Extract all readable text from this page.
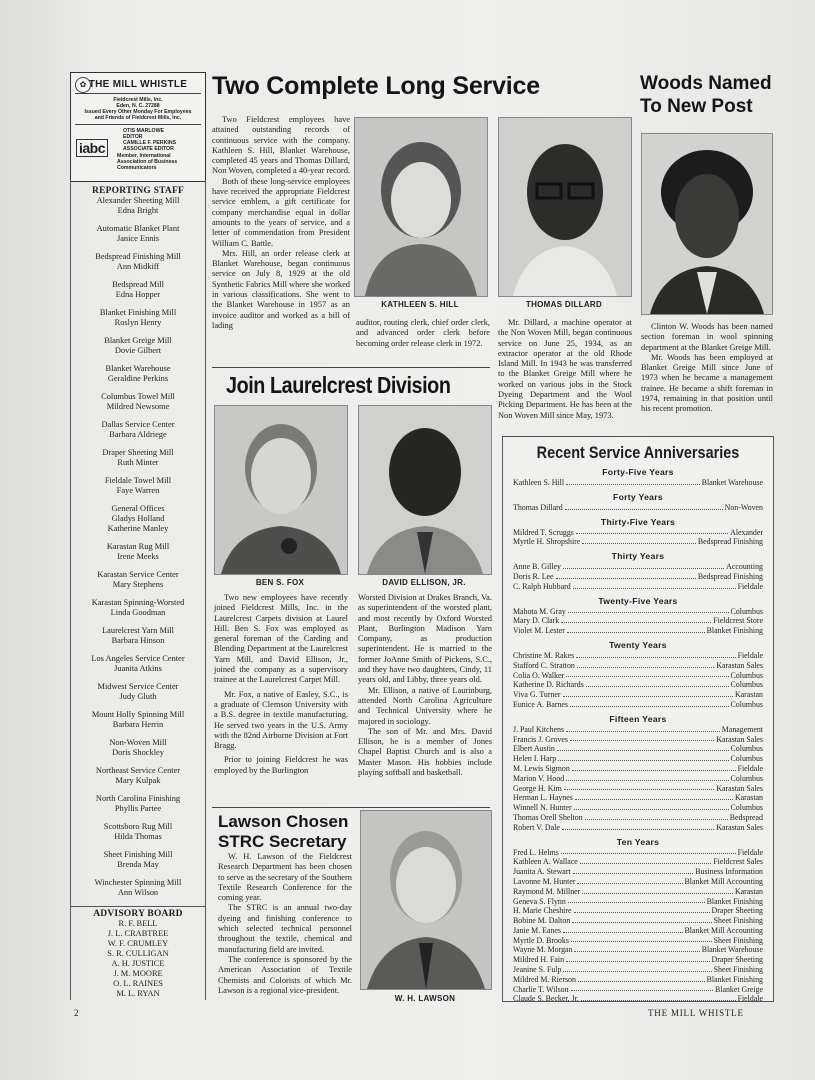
✿ THE MILL WHISTLE
Fieldcrest Mills, Inc.
Eden, N. C. 27288
Issued Every Other Monday For Employees
and Friends of Fieldcrest Mills, Inc.
OTIS MARLOWE
EDITOR
CAMILLE F. PERKINS
ASSOCIATE EDITOR
iabc	Member, International Association of Business Communicators
REPORTING STAFF
Alexander Sheeting Mill
Edna Bright
Automatic Blanket Plant
Janice Ennis
Bedspread Finishing Mill
Ann Midkiff
Bedspread Mill
Edna Hopper
Blanket Finishing Mill
Roslyn Henry
Blanket Greige Mill
Dovie Gilbert
Blanket Warehouse
Geraldine Perkins
Columbus Towel Mill
Mildred Newsome
Dallas Service Center
Barbara Aldriege
Draper Sheeting Mill
Ruth Minter
Fieldale Towel Mill
Faye Warren
General Offices
Gladys Holland
Katherine Manley
Karastan Rug Mill
Irene Meeks
Karastan Service Center
Mary Stephens
Karastan Spinning-Worsted
Linda Goodman
Laurelcrest Yarn Mill
Barbara Hinson
Los Angeles Service Center
Juanita Atkins
Midwest Service Center
Judy Gluth
Mount Holly Spinning Mill
Barbara Herrin
Non-Woven Mill
Doris Shockley
Northeast Service Center
Mary Kulpak
North Carolina Finishing
Phyllis Partee
Scottsboro Rug Mill
Hilda Thomas
Sheet Finishing Mill
Brenda May
Winchester Spinning Mill
Ann Wilson
ADVISORY BOARD
R. F. BELL
J. L. CRABTREE
W. F. CRUMLEY
S. R. CULLIGAN
A. H. JUSTICE
J. M. MOORE
O. L. RAINES
M. L. RYAN
Two Complete Long Service

Two Fieldcrest employees have attained outstanding records of continuous service with the company. Kathleen S. Hill, Blanket Warehouse, completed 45 years and Thomas Dillard, Non Woven, completed a 40-year record.

Both of these long-service employees have received the appropriate Fieldcrest service emblem, a gift certificate for company merchandise equal in dollar amounts to the years of service, and a letter of commendation from President William C. Battle.

Mrs. Hill, an order release clerk at Blanket Warehouse, began continuous service on July 8, 1929 at the old Synthetic Fabrics Mill where she worked in various classifications. She went to the Blanket Warehouse in 1957 as an invoice auditor and worked as a bill of lading

KATHLEEN S. HILL	THOMAS DILLARD

auditor, routing clerk, chief order clerk, and advanced order clerk before becoming order release clerk in 1972.

Mr. Dillard, a machine operator at the Non Woven Mill, began continuous service on June 25, 1934, as an extractor operator at the old Rhode Island Mill. In 1943 he was transferred to the Blanket Greige Mill where he worked on various jobs in the Stock Dyeing Department and the Wool Picking Department. He has been at the Non Woven Mill since May, 1973.

Woods Named
To New Post

Clinton W. Woods has been named section foreman in wool spinning department at the Blanket Greige Mill.

Mr. Woods has been employed at Blanket Greige Mill since June of 1973 when he became a management trainee. He became a shift foreman in 1974, remaining in that position until his recent promotion.

Join Laurelcrest Division
BEN S. FOX	DAVID ELLISON, JR.

Two new employees have recently joined Fieldcrest Mills, Inc. in the Laurelcrest Carpets division at Laurel Hill. Ben S. Fox was employed as general foreman of the Carding and Blending Department at the Laurelcrest Yarn Mill, and David Ellison, Jr., joined the company as a supervisory trainee at the Laurelcrest Carpet Mill.

Mr. Fox, a native of Easley, S.C., is a graduate of Clemson University with a B.S. degree in textile manufacturing. He served two years in the U.S. Army with the 82nd Airborne Division at Fort Bragg.

Prior to joining Fieldcrest he was employed by the Burlington

Worsted Division at Drakes Branch, Va. as superintendent of the worsted plant, and most recently by Oxford Worsted Plant, Burlington Madison Yarn Company, as production superintendent. He is married to the former JoAnne Smith of Pickens, S.C., and they have two daughters, Cindy, 11 years old, and Libby, three years old.

Mr. Ellison, a native of Laurinburg, attended North Carolina Agriculture and Technical University where he majored in sociology.

The son of Mr. and Mrs. David Ellison, he is a member of Jones Chapel Baptist Church and is also a Master Mason. His hobbies include playing softball and basketball.

Lawson Chosen
STRC Secretary

W. H. Lawson of the Fieldcrest Research Department has been chosen to serve as the secretary of the Southern Textile Research Conference for the coming year.

The STRC is an annual two-day dyeing and finishing conference to which selected technical personnel throughout the textile, chemical and manufacturing field are invited.

The conference is sponsored by the American Association of Textile Chemists and Colorists of which Mr. Lawson is a regional vice-president.

W. H. LAWSON
Recent Service Anniversaries
Forty-Five Years
Kathleen S. Hill	Blanket Warehouse
Forty Years
Thomas Dillard	Non-Woven
Thirty-Five Years
Mildred T. Scruggs	Alexander
Myrtle H. Shropshire	Bedspread Finishing
Thirty Years
Anne B. Gilley	Accounting
Doris R. Lee	Bedspread Finishing
C. Ralph Hubbard	Fieldale
Twenty-Five Years
Mahota M. Gray	Columbus
Mary D. Clark	Fieldcrest Store
Violet M. Lester	Blanket Finishing
Twenty Years
Christine M. Rakes	Fieldale
Stafford C. Stratton	Karastan Sales
Colia O. Walker	Columbus
Katherine D. Richards	Columbus
Viva G. Turner	Karastan
Eunice A. Barnes	Columbus
Fifteen Years
J. Paul Kitchens	Management
Francis J. Groves	Karastan Sales
Elbert Austin	Columbus
Helen I. Harp	Columbus
M. Lewis Sigmon	Fieldale
Marion V. Hood	Columbus
George H. Kim	Karastan Sales
Herman L. Haynes	Karastan
Winnell N. Hunter	Columbus
Thomas Orell Shelton	Bedspread
Robert V. Dale	Karastan Sales
Ten Years
Fred L. Helms	Fieldale
Kathleen A. Wallace	Fieldcrest Sales
Juanita A. Stewart	Business Information
Lavonne M. Hunter	Blanket Mill Accounting
Raymond M. Millner	Karastan
Geneva S. Flynn	Blanket Finishing
H. Marie Cheshire	Draper Sheeting
Bobine M. Dalton	Sheet Finishing
Janie M. Eanes	Blanket Mill Accounting
Myrtle D. Brooks	Sheet Finishing
Wayne M. Morgan	Blanket Warehouse
Mildred H. Fain	Draper Sheeting
Jeanine S. Fulp	Sheet Finishing
Mildred M. Rierson	Blanket Finishing
Charlie T. Wilson	Blanket Greige
Claude S. Becker, Jr.	Fieldale
2	THE MILL WHISTLE
